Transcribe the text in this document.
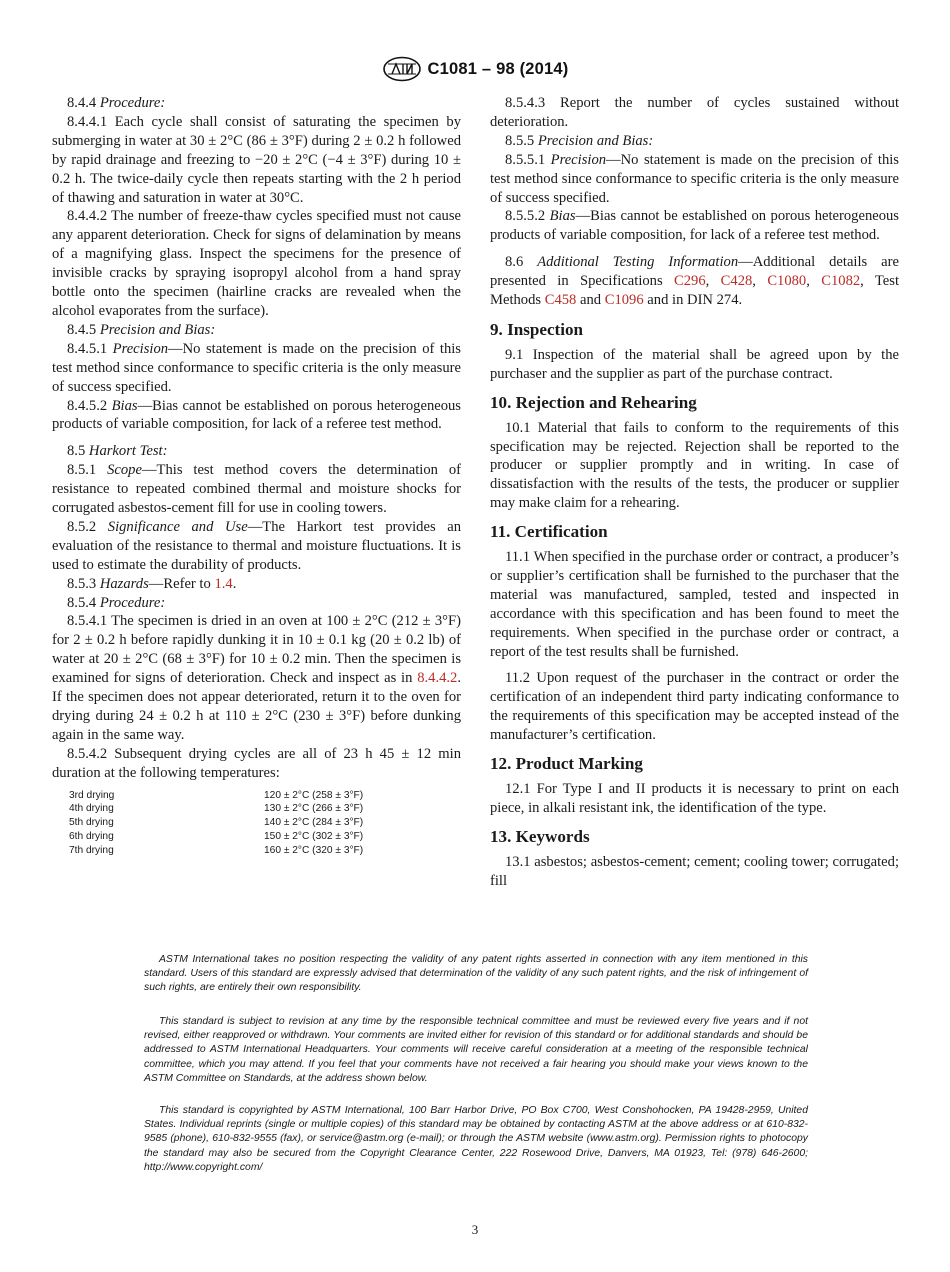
C1081 – 98 (2014)

8.4.4 Procedure:

8.4.4.1 Each cycle shall consist of saturating the specimen by submerging in water at 30 ± 2°C (86 ± 3°F) during 2 ± 0.2 h followed by rapid drainage and freezing to −20 ± 2°C (−4 ± 3°F) during 10 ± 0.2 h. The twice-daily cycle then repeats starting with the 2 h period of thawing and saturation in water at 30°C.

8.4.4.2 The number of freeze-thaw cycles specified must not cause any apparent deterioration. Check for signs of delamination by means of a magnifying glass. Inspect the specimens for the presence of invisible cracks by spraying isopropyl alcohol from a hand spray bottle onto the specimen (hairline cracks are revealed when the alcohol evaporates from the surface).

8.4.5 Precision and Bias:

8.4.5.1 Precision—No statement is made on the precision of this test method since conformance to specific criteria is the only measure of success specified.

8.4.5.2 Bias—Bias cannot be established on porous heterogeneous products of variable composition, for lack of a referee test method.

8.5 Harkort Test:

8.5.1 Scope—This test method covers the determination of resistance to repeated combined thermal and moisture shocks for corrugated asbestos-cement fill for use in cooling towers.

8.5.2 Significance and Use—The Harkort test provides an evaluation of the resistance to thermal and moisture fluctuations. It is used to estimate the durability of products.

8.5.3 Hazards—Refer to 1.4.

8.5.4 Procedure:

8.5.4.1 The specimen is dried in an oven at 100 ± 2°C (212 ± 3°F) for 2 ± 0.2 h before rapidly dunking it in 10 ± 0.1 kg (20 ± 0.2 lb) of water at 20 ± 2°C (68 ± 3°F) for 10 ± 0.2 min. Then the specimen is examined for signs of deterioration. Check and inspect as in 8.4.4.2. If the specimen does not appear deteriorated, return it to the oven for drying during 24 ± 0.2 h at 110 ± 2°C (230 ± 3°F) before dunking again in the same way.

8.5.4.2 Subsequent drying cycles are all of 23 h 45 ± 12 min duration at the following temperatures:

3rd drying	120 ± 2°C (258 ± 3°F)
4th drying	130 ± 2°C (266 ± 3°F)
5th drying	140 ± 2°C (284 ± 3°F)
6th drying	150 ± 2°C (302 ± 3°F)
7th drying	160 ± 2°C (320 ± 3°F)

8.5.4.3 Report the number of cycles sustained without deterioration.

8.5.5 Precision and Bias:

8.5.5.1 Precision—No statement is made on the precision of this test method since conformance to specific criteria is the only measure of success specified.

8.5.5.2 Bias—Bias cannot be established on porous heterogeneous products of variable composition, for lack of a referee test method.

8.6 Additional Testing Information—Additional details are presented in Specifications C296, C428, C1080, C1082, Test Methods C458 and C1096 and in DIN 274.

9. Inspection

9.1 Inspection of the material shall be agreed upon by the purchaser and the supplier as part of the purchase contract.

10. Rejection and Rehearing

10.1 Material that fails to conform to the requirements of this specification may be rejected. Rejection shall be reported to the producer or supplier promptly and in writing. In case of dissatisfaction with the results of the tests, the producer or supplier may make claim for a rehearing.

11. Certification

11.1 When specified in the purchase order or contract, a producer’s or supplier’s certification shall be furnished to the purchaser that the material was manufactured, sampled, tested and inspected in accordance with this specification and has been found to meet the requirements. When specified in the purchase order or contract, a report of the test results shall be furnished.

11.2 Upon request of the purchaser in the contract or order the certification of an independent third party indicating conformance to the requirements of this specification may be accepted instead of the manufacturer’s certification.

12. Product Marking

12.1 For Type I and II products it is necessary to print on each piece, in alkali resistant ink, the identification of the type.

13. Keywords

13.1 asbestos; asbestos-cement; cement; cooling tower; corrugated; fill

ASTM International takes no position respecting the validity of any patent rights asserted in connection with any item mentioned in this standard. Users of this standard are expressly advised that determination of the validity of any such patent rights, and the risk of infringement of such rights, are entirely their own responsibility.

This standard is subject to revision at any time by the responsible technical committee and must be reviewed every five years and if not revised, either reapproved or withdrawn. Your comments are invited either for revision of this standard or for additional standards and should be addressed to ASTM International Headquarters. Your comments will receive careful consideration at a meeting of the responsible technical committee, which you may attend. If you feel that your comments have not received a fair hearing you should make your views known to the ASTM Committee on Standards, at the address shown below.

This standard is copyrighted by ASTM International, 100 Barr Harbor Drive, PO Box C700, West Conshohocken, PA 19428-2959, United States. Individual reprints (single or multiple copies) of this standard may be obtained by contacting ASTM at the above address or at 610-832-9585 (phone), 610-832-9555 (fax), or service@astm.org (e-mail); or through the ASTM website (www.astm.org). Permission rights to photocopy the standard may also be secured from the Copyright Clearance Center, 222 Rosewood Drive, Danvers, MA 01923, Tel: (978) 646-2600; http://www.copyright.com/

3
